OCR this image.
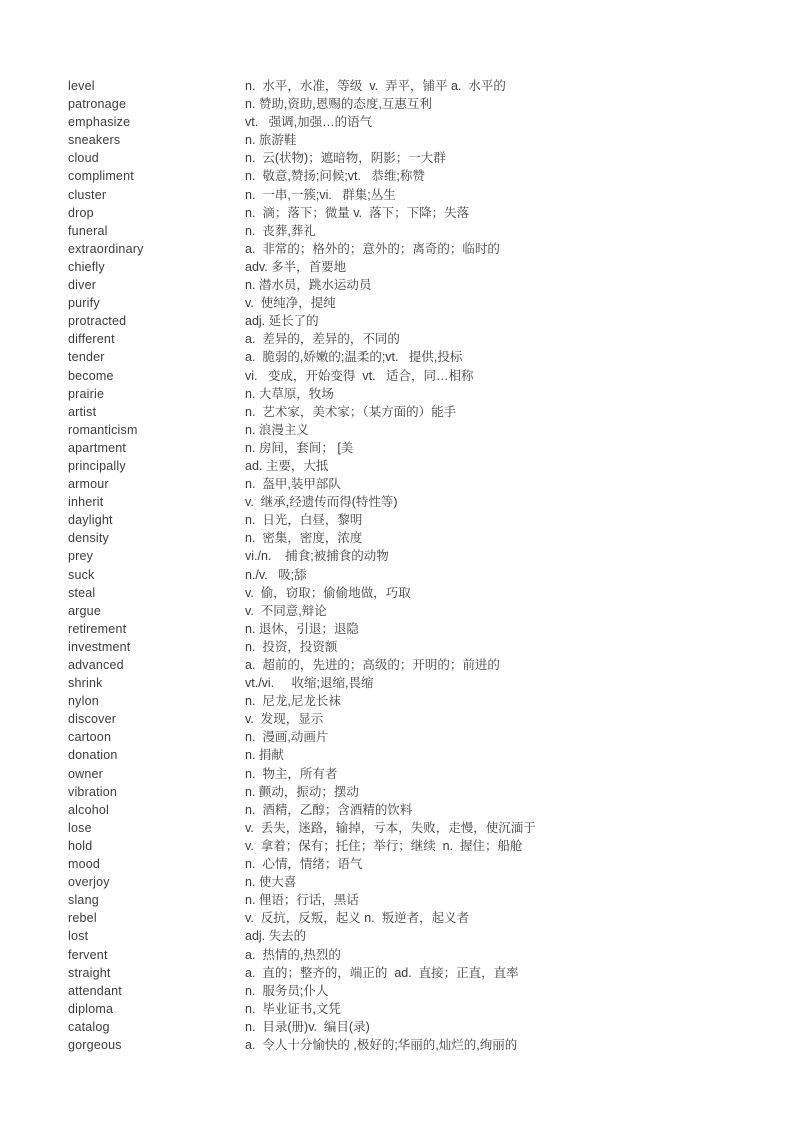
level	n.  水平，水准，等级  v.  弄平，铺平 a.  水平的
patronage	n. 赞助,资助,恩赐的态度,互惠互利
emphasize	vt.   强调,加强…的语气
sneakers	n. 旅游鞋
cloud	n.  云(状物)；遮暗物，阴影；一大群
compliment	n.  敬意,赞扬;问候;vt.   恭维;称赞
cluster	n.  一串,一簇;vi.   群集;丛生
drop	n.  滴；落下；微量 v.  落下；下降；失落
funeral	n.  丧葬,葬礼
extraordinary	a.  非常的；格外的；意外的；离奇的；临时的
chiefly	adv. 多半，首要地
diver	n. 潜水员，跳水运动员
purify	v.  使纯净，提纯
protracted	adj. 延长了的
different	a.  差异的，差异的，不同的
tender	a.  脆弱的,娇嫩的;温柔的;vt.   提供,投标
become	vi.   变成，开始变得  vt.   适合，同…相称
prairie	n. 大草原，牧场
artist	n.  艺术家，美术家；（某方面的）能手
romanticism	n. 浪漫主义
apartment	n. 房间，套间； [美
principally	ad. 主要，大抵
armour	n.  盔甲,装甲部队
inherit	v.  继承,经遗传而得(特性等)
daylight	n.  日光，白昼，黎明
density	n.  密集，密度，浓度
prey	vi./n.    捕食;被捕食的动物
suck	n./v.   吸;舔
steal	v.  偷，窃取；偷偷地做，巧取
argue	v.  不同意,辩论
retirement	n. 退休，引退；退隐
investment	n.  投资，投资额
advanced	a.  超前的，先进的；高级的；开明的；前进的
shrink	vt./vi.     收缩;退缩,畏缩
nylon	n.  尼龙,尼龙长袜
discover	v.  发现，显示
cartoon	n.  漫画,动画片
donation	n. 捐献
owner	n.  物主，所有者
vibration	n. 颤动，振动；摆动
alcohol	n.  酒精，乙醇；含酒精的饮料
lose	v.  丢失，迷路，输掉，亏本，失败，走慢，使沉湎于
hold	v.  拿着；保有；托住；举行；继续  n.  握住；船舱
mood	n.  心情，情绪；语气
overjoy	n. 使大喜
slang	n. 俚语；行话，黑话
rebel	v.  反抗，反叛，起义 n.  叛逆者，起义者
lost	adj. 失去的
fervent	a.  热情的,热烈的
straight	a.  直的；整齐的，端正的  ad.  直接；正直，直率
attendant	n.  服务员;仆人
diploma	n.  毕业证书,文凭
catalog	n.  目录(册)v.  编目(录)
gorgeous	a.  令人十分愉快的 ,极好的;华丽的,灿烂的,绚丽的
